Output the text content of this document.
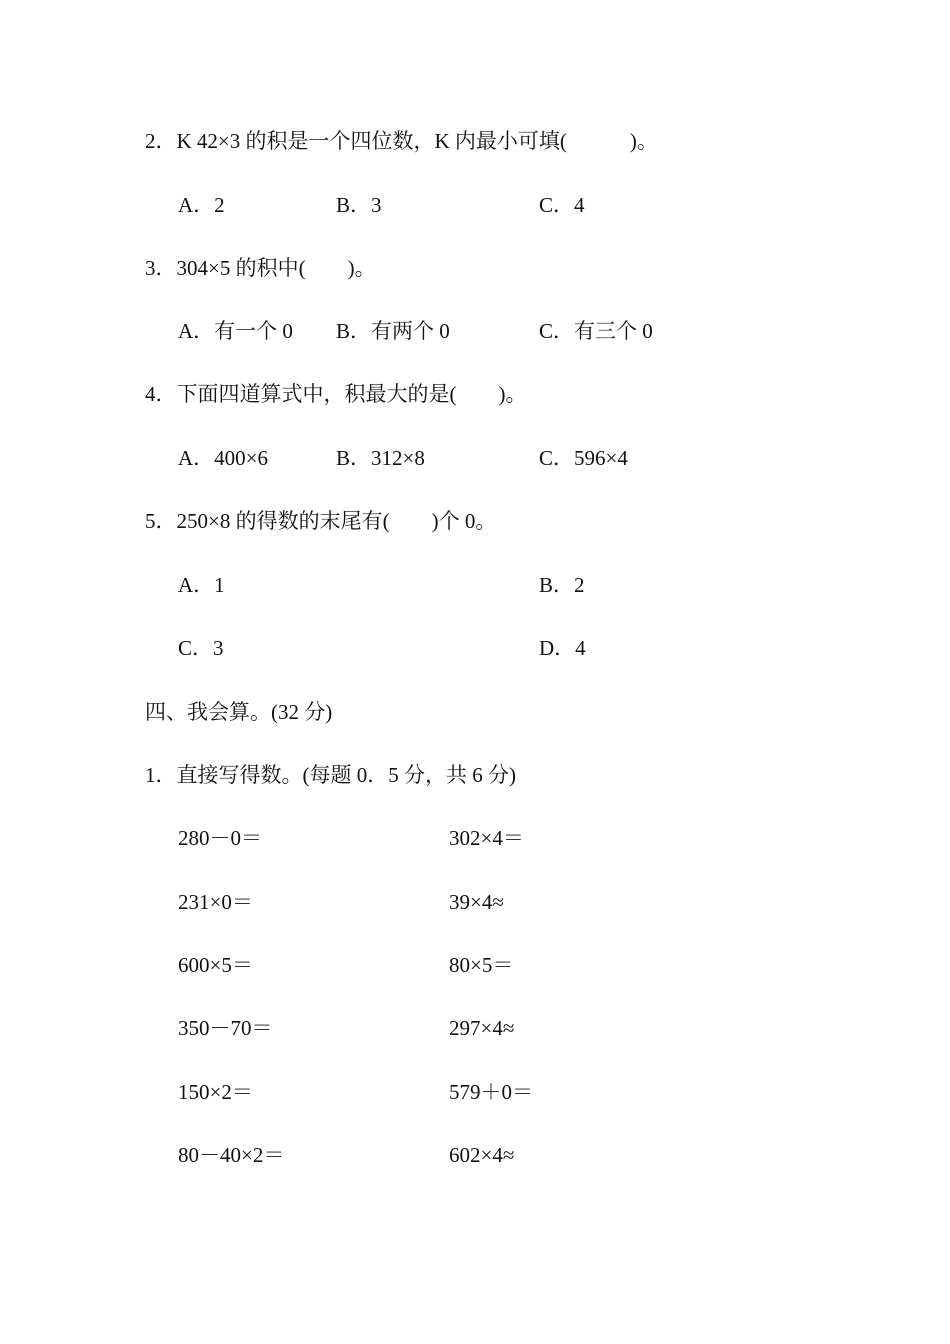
2．K 42×3 的积是一个四位数，K 内最小可填(　　　)。
A．2	B．3	C．4
3．304×5 的积中(　　)。
A．有一个 0 B．有两个 0	C．有三个 0
4．下面四道算式中，积最大的是(　　)。
A．400×6	B．312×8	C．596×4
5．250×8 的得数的末尾有(　　)个 0。
A．1	B．2
C．3	D．4
四、我会算。(32 分)
1．直接写得数。(每题 0．5 分，共 6 分)
280－0＝	302×4＝
231×0＝	39×4≈
600×5＝	80×5＝
350－70＝	297×4≈
150×2＝	579＋0＝
80－40×2＝	602×4≈
